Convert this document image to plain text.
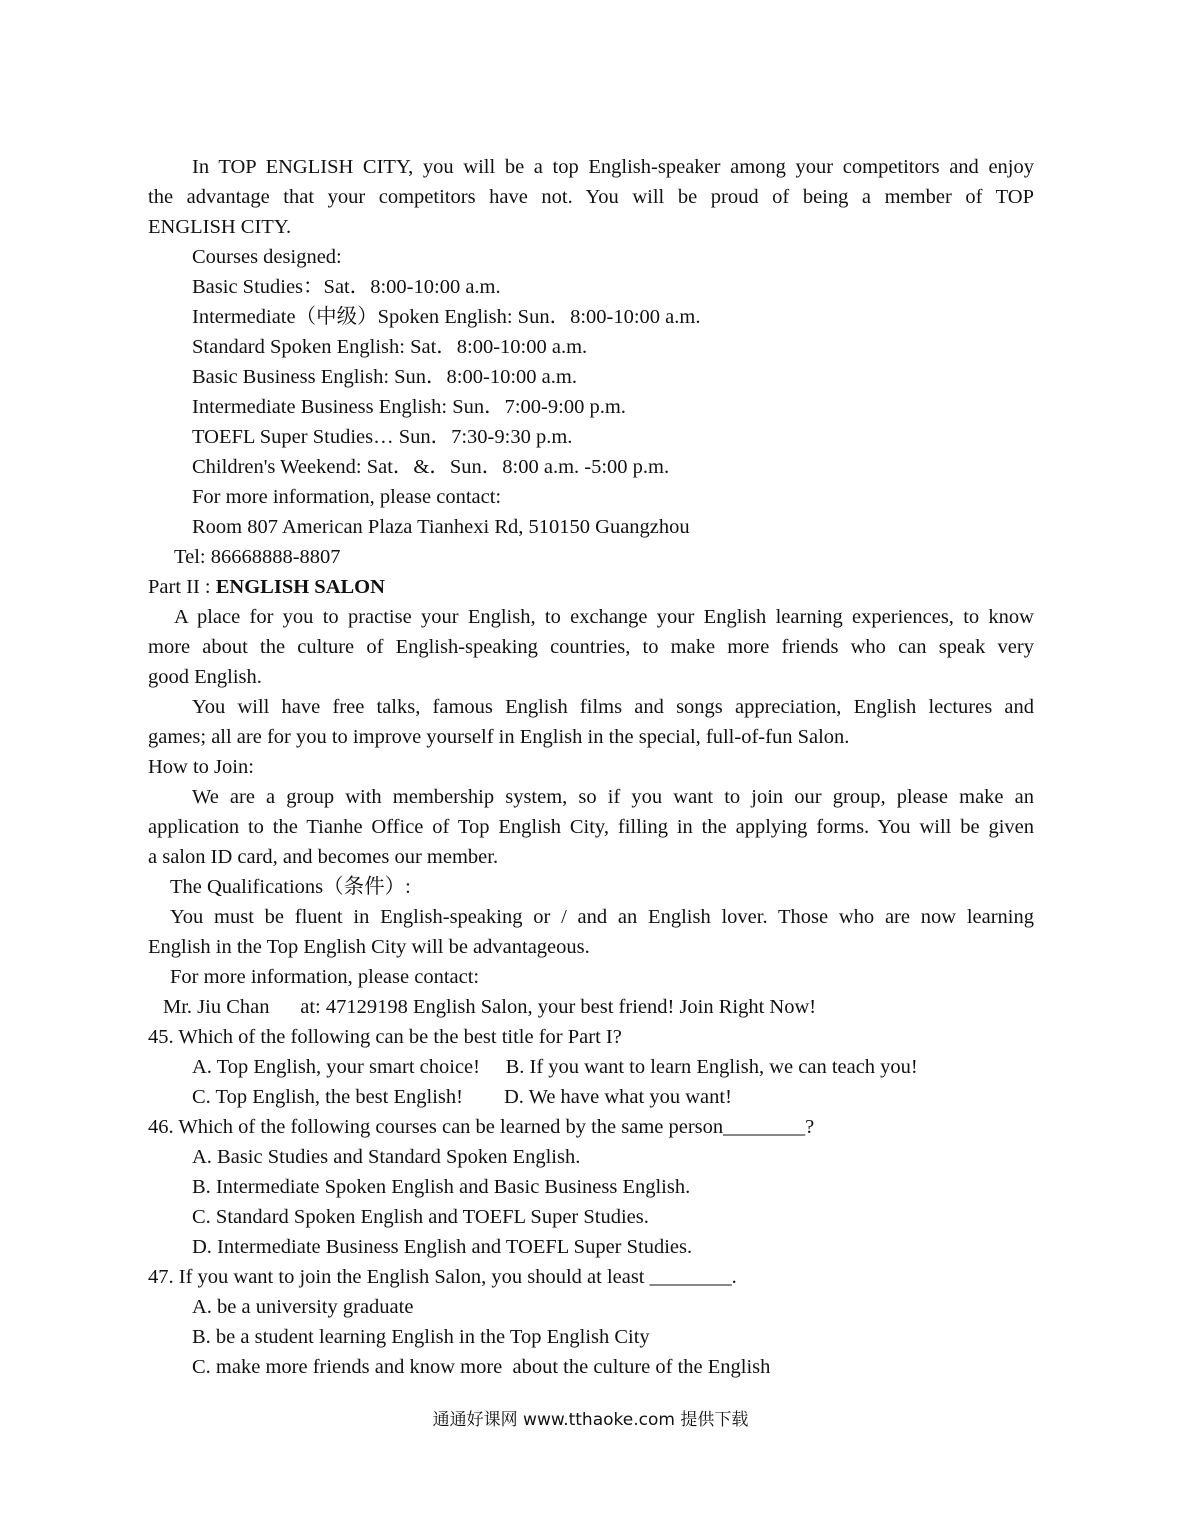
In TOP ENGLISH CITY, you will be a top English-speaker among your competitors and enjoy
the advantage that your competitors have not. You will be proud of being a member of TOP
ENGLISH CITY.
Courses designed:
Basic Studies：Sat．8:00-10:00 a.m.
Intermediate（中级）Spoken English: Sun．8:00-10:00 a.m.
Standard Spoken English: Sat．8:00-10:00 a.m.
Basic Business English: Sun．8:00-10:00 a.m.
Intermediate Business English: Sun．7:00-9:00 p.m.
TOEFL Super Studies… Sun．7:30-9:30 p.m.
Children's Weekend: Sat．&．Sun．8:00 a.m. -5:00 p.m.
For more information, please contact:
Room 807 American Plaza Tianhexi Rd, 510150 Guangzhou
Tel: 86668888-8807
Part II : ENGLISH SALON
A place for you to practise your English, to exchange your English learning experiences, to know
more about the culture of English-speaking countries, to make more friends who can speak very
good English.
You will have free talks, famous English films and songs appreciation, English lectures and
games; all are for you to improve yourself in English in the special, full-of-fun Salon.
How to Join:
We are a group with membership system, so if you want to join our group, please make an
application to the Tianhe Office of Top English City, filling in the applying forms. You will be given
a salon ID card, and becomes our member.
The Qualifications（条件）:
You must be fluent in English-speaking or / and an English lover. Those who are now learning
English in the Top English City will be advantageous.
For more information, please contact:
Mr. Jiu Chan      at: 47129198 English Salon, your best friend! Join Right Now!
45. Which of the following can be the best title for Part I?
A. Top English, your smart choice!     B. If you want to learn English, we can teach you!
C. Top English, the best English!        D. We have what you want!
46. Which of the following courses can be learned by the same person________?
A. Basic Studies and Standard Spoken English.
B. Intermediate Spoken English and Basic Business English.
C. Standard Spoken English and TOEFL Super Studies.
D. Intermediate Business English and TOEFL Super Studies.
47. If you want to join the English Salon, you should at least ________.
A. be a university graduate
B. be a student learning English in the Top English City
C. make more friends and know more  about the culture of the English
通通好课网 www.tthaoke.com 提供下载
